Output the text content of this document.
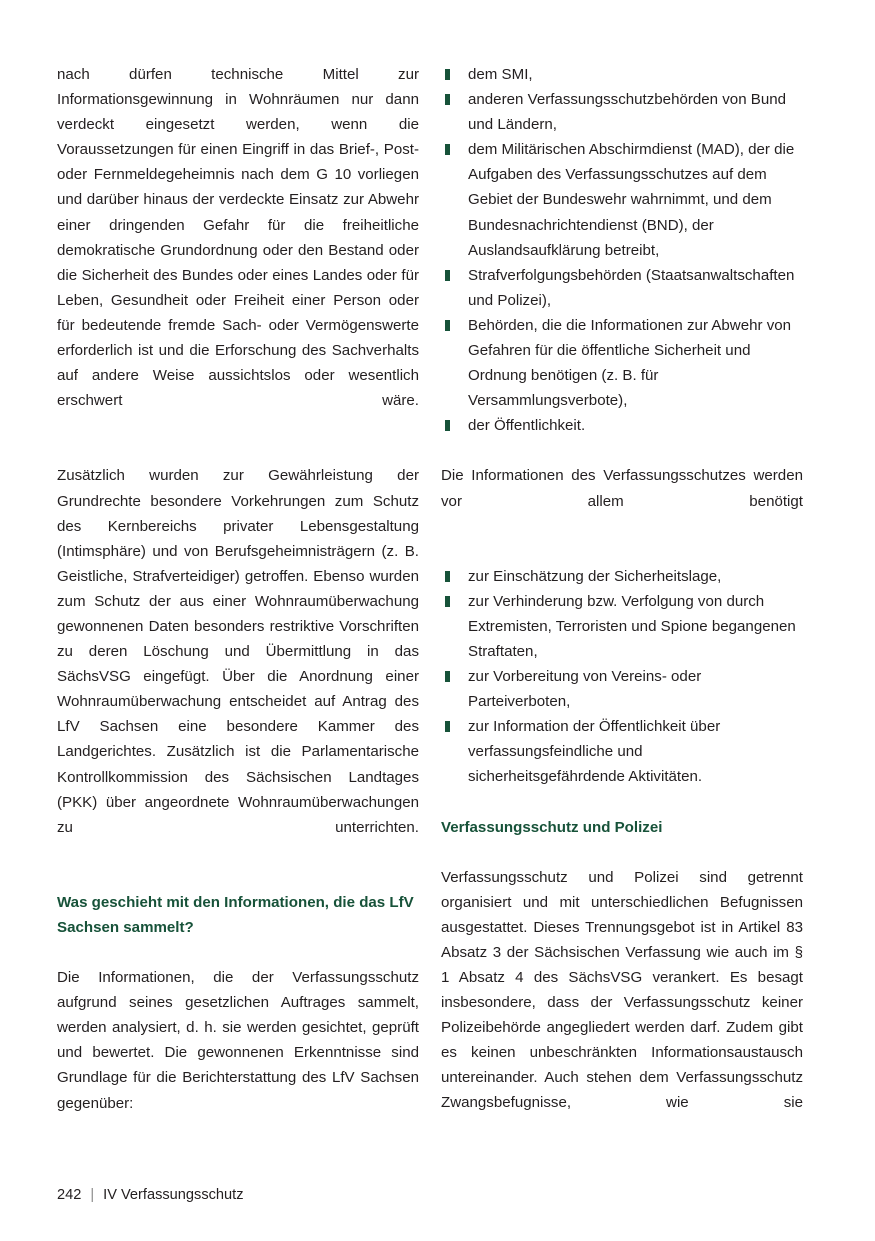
nach dürfen technische Mittel zur Informationsgewinnung in Wohnräumen nur dann verdeckt eingesetzt werden, wenn die Voraussetzungen für einen Eingriff in das Brief-, Post- oder Fernmeldegeheimnis nach dem G 10 vorliegen und darüber hinaus der verdeckte Einsatz zur Abwehr einer dringenden Gefahr für die freiheitliche demokratische Grundordnung oder den Bestand oder die Sicherheit des Bundes oder eines Landes oder für Leben, Gesundheit oder Freiheit einer Person oder für bedeutende fremde Sach- oder Vermögenswerte erforderlich ist und die Erforschung des Sachverhalts auf andere Weise aussichtslos oder wesentlich erschwert wäre.

Zusätzlich wurden zur Gewährleistung der Grundrechte besondere Vorkehrungen zum Schutz des Kernbereichs privater Lebensgestaltung (Intimsphäre) und von Berufsgeheimnisträgern (z. B. Geistliche, Strafverteidiger) getroffen. Ebenso wurden zum Schutz der aus einer Wohnraumüberwachung gewonnenen Daten besonders restriktive Vorschriften zu deren Löschung und Übermittlung in das SächsVSG eingefügt. Über die Anordnung einer Wohnraumüberwachung entscheidet auf Antrag des LfV Sachsen eine besondere Kammer des Landgerichtes. Zusätzlich ist die Parlamentarische Kontrollkommission des Sächsischen Landtages (PKK) über angeordnete Wohnraumüberwachungen zu unterrichten.

Was geschieht mit den Informationen, die das LfV Sachsen sammelt?

Die Informationen, die der Verfassungsschutz aufgrund seines gesetzlichen Auftrages sammelt, werden analysiert, d. h. sie werden gesichtet, geprüft und bewertet. Die gewonnenen Erkenntnisse sind Grundlage für die Berichterstattung des LfV Sachsen gegenüber:

dem SMI,
anderen Verfassungsschutzbehörden von Bund und Ländern,
dem Militärischen Abschirmdienst (MAD), der die Aufgaben des Verfassungsschutzes auf dem Gebiet der Bundeswehr wahrnimmt, und dem Bundesnachrichtendienst (BND), der Auslandsaufklärung betreibt,
Strafverfolgungsbehörden (Staatsanwaltschaften und Polizei),
Behörden, die die Informationen zur Abwehr von Gefahren für die öffentliche Sicherheit und Ordnung benötigen (z. B. für Versammlungsverbote),
der Öffentlichkeit.

Die Informationen des Verfassungsschutzes werden vor allem benötigt

zur Einschätzung der Sicherheitslage,
zur Verhinderung bzw. Verfolgung von durch Extremisten, Terroristen und Spione begangenen Straftaten,
zur Vorbereitung von Vereins- oder Parteiverboten,
zur Information der Öffentlichkeit über verfassungsfeindliche und sicherheitsgefährdende Aktivitäten.
Verfassungsschutz und Polizei

Verfassungsschutz und Polizei sind getrennt organisiert und mit unterschiedlichen Befugnissen ausgestattet. Dieses Trennungsgebot ist in Artikel 83 Absatz 3 der Sächsischen Verfassung wie auch im § 1 Absatz 4 des SächsVSG verankert. Es besagt insbesondere, dass der Verfassungsschutz keiner Polizeibehörde angegliedert werden darf. Zudem gibt es keinen unbeschränkten Informationsaustausch untereinander. Auch stehen dem Verfassungsschutz Zwangsbefugnisse, wie sie

242 | IV Verfassungsschutz
